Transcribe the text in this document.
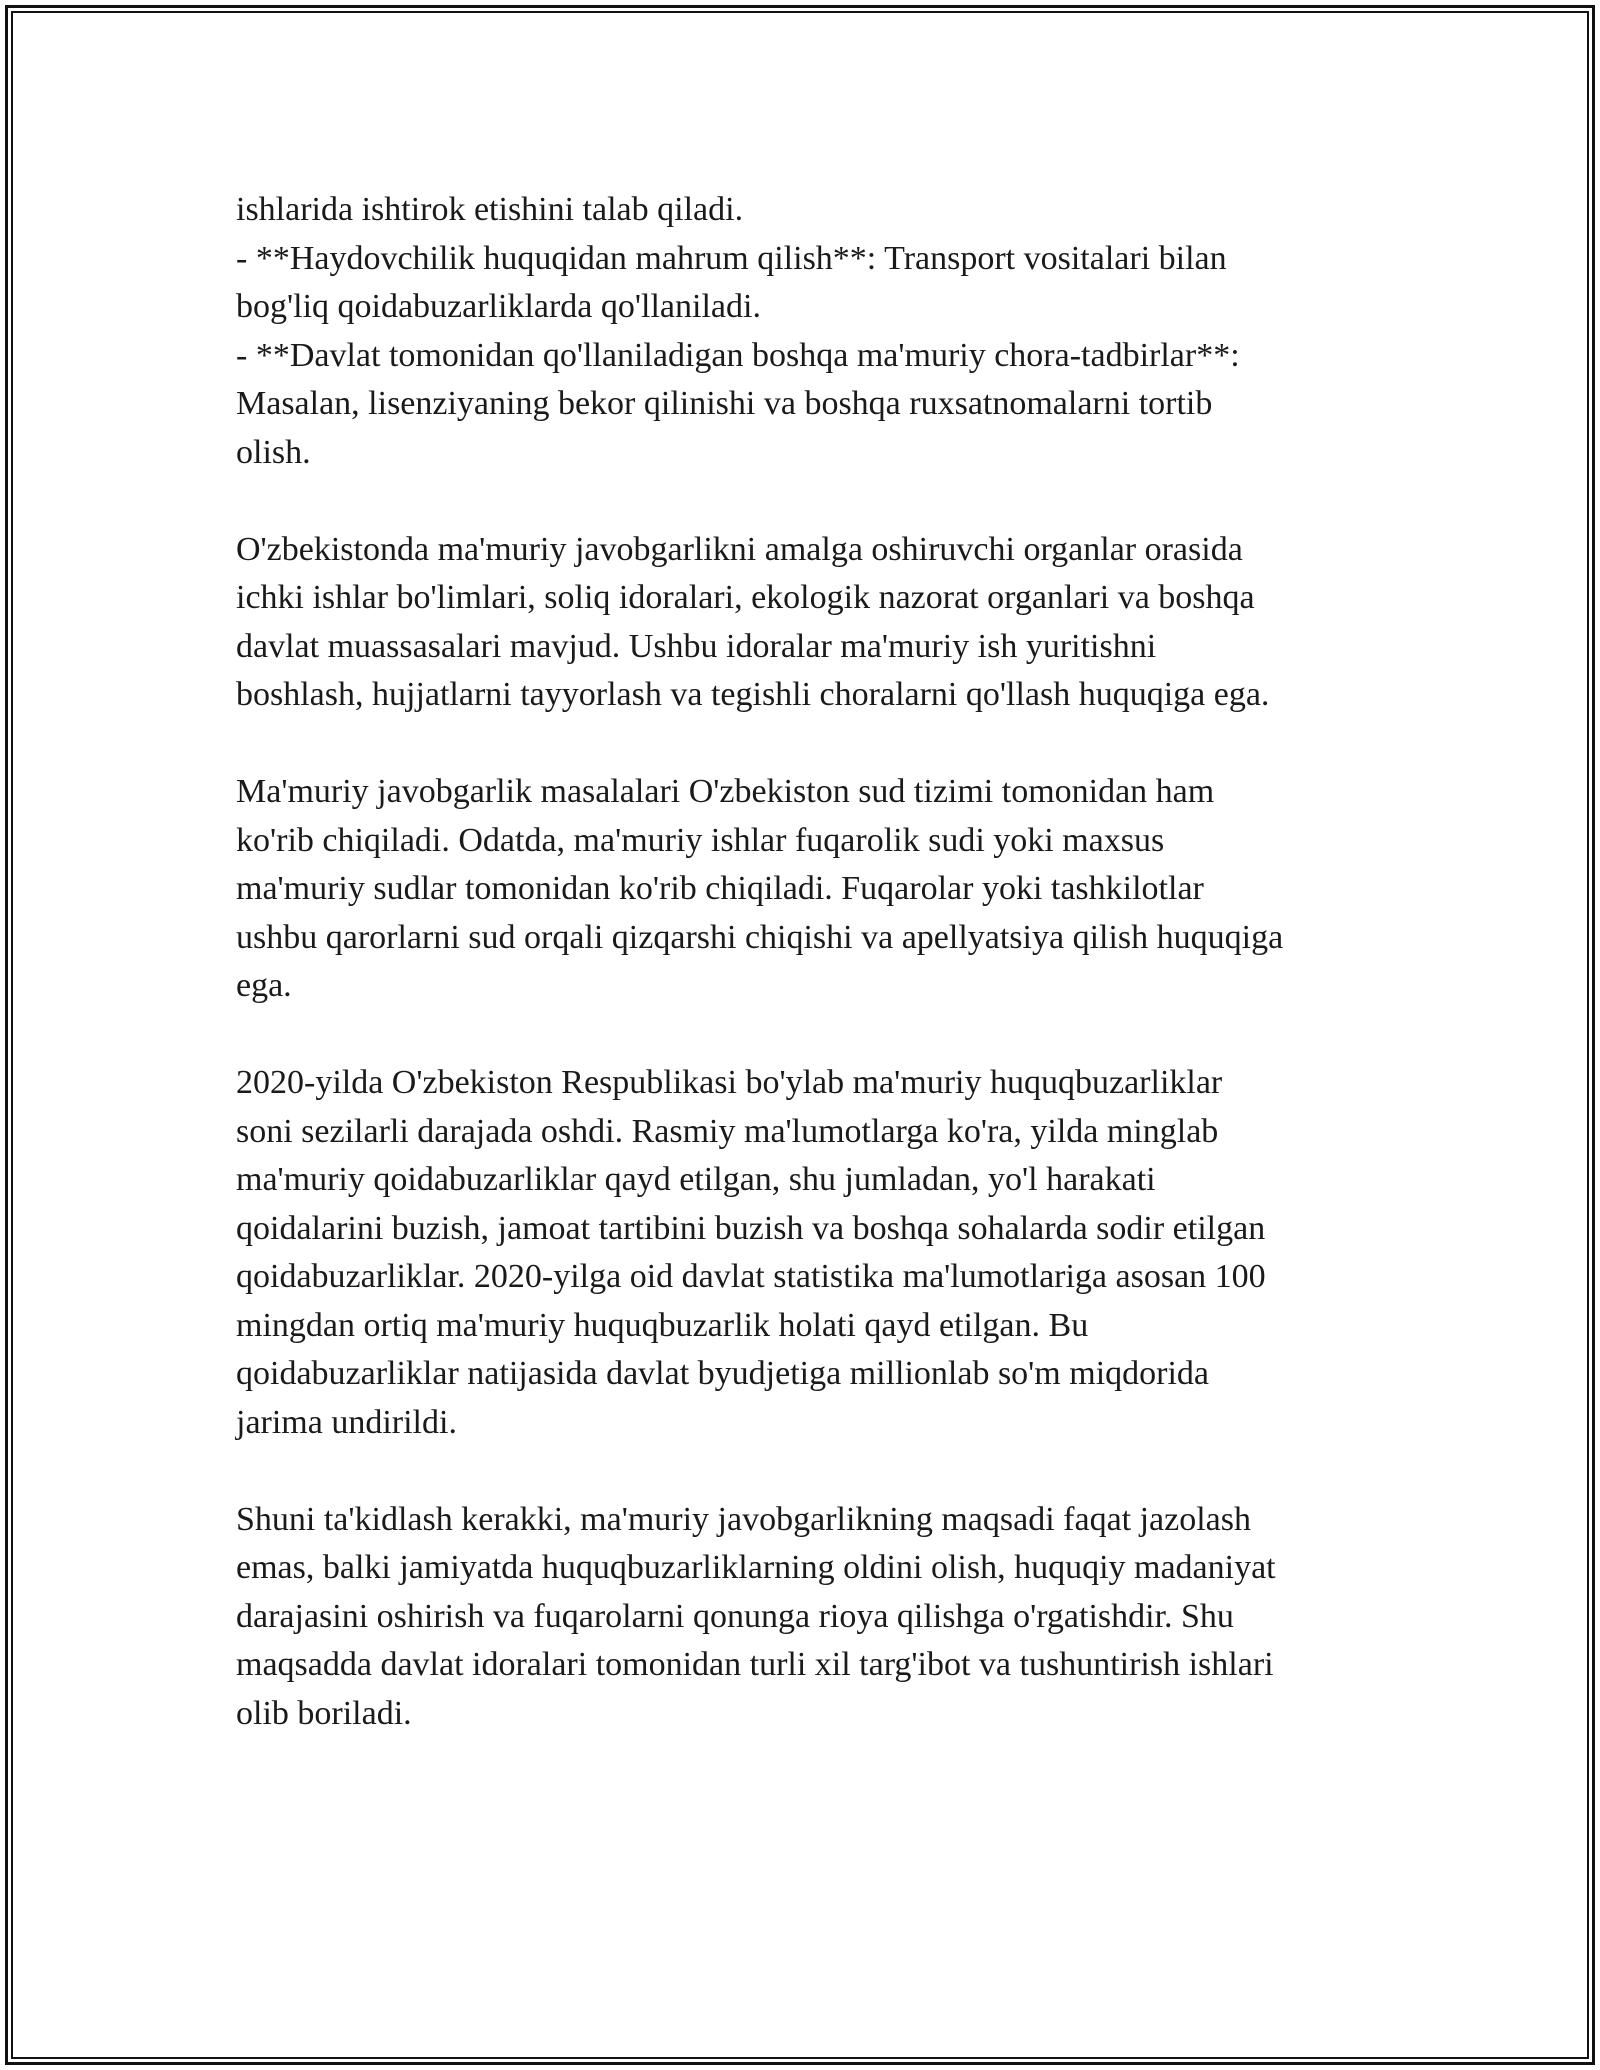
ishlarida ishtirok etishini talab qiladi.
- **Haydovchilik huquqidan mahrum qilish**: Transport vositalari bilan
bog'liq qoidabuzarliklarda qo'llaniladi.
- **Davlat tomonidan qo'llaniladigan boshqa ma'muriy chora-tadbirlar**:
Masalan, lisenziyaning bekor qilinishi va boshqa ruxsatnomalarni tortib
olish.

O'zbekistonda ma'muriy javobgarlikni amalga oshiruvchi organlar orasida
ichki ishlar bo'limlari, soliq idoralari, ekologik nazorat organlari va boshqa
davlat muassasalari mavjud. Ushbu idoralar ma'muriy ish yuritishni
boshlash, hujjatlarni tayyorlash va tegishli choralarni qo'llash huquqiga ega.

Ma'muriy javobgarlik masalalari O'zbekiston sud tizimi tomonidan ham
ko'rib chiqiladi. Odatda, ma'muriy ishlar fuqarolik sudi yoki maxsus
ma'muriy sudlar tomonidan ko'rib chiqiladi. Fuqarolar yoki tashkilotlar
ushbu qarorlarni sud orqali qizqarshi chiqishi va apellyatsiya qilish huquqiga
ega.

2020-yilda O'zbekiston Respublikasi bo'ylab ma'muriy huquqbuzarliklar
soni sezilarli darajada oshdi. Rasmiy ma'lumotlarga ko'ra, yilda minglab
ma'muriy qoidabuzarliklar qayd etilgan, shu jumladan, yo'l harakati
qoidalarini buzish, jamoat tartibini buzish va boshqa sohalarda sodir etilgan
qoidabuzarliklar. 2020-yilga oid davlat statistika ma'lumotlariga asosan 100
mingdan ortiq ma'muriy huquqbuzarlik holati qayd etilgan. Bu
qoidabuzarliklar natijasida davlat byudjetiga millionlab so'm miqdorida
jarima undirildi.

Shuni ta'kidlash kerakki, ma'muriy javobgarlikning maqsadi faqat jazolash
emas, balki jamiyatda huquqbuzarliklarning oldini olish, huquqiy madaniyat
darajasini oshirish va fuqarolarni qonunga rioya qilishga o'rgatishdir. Shu
maqsadda davlat idoralari tomonidan turli xil targ'ibot va tushuntirish ishlari
olib boriladi.
